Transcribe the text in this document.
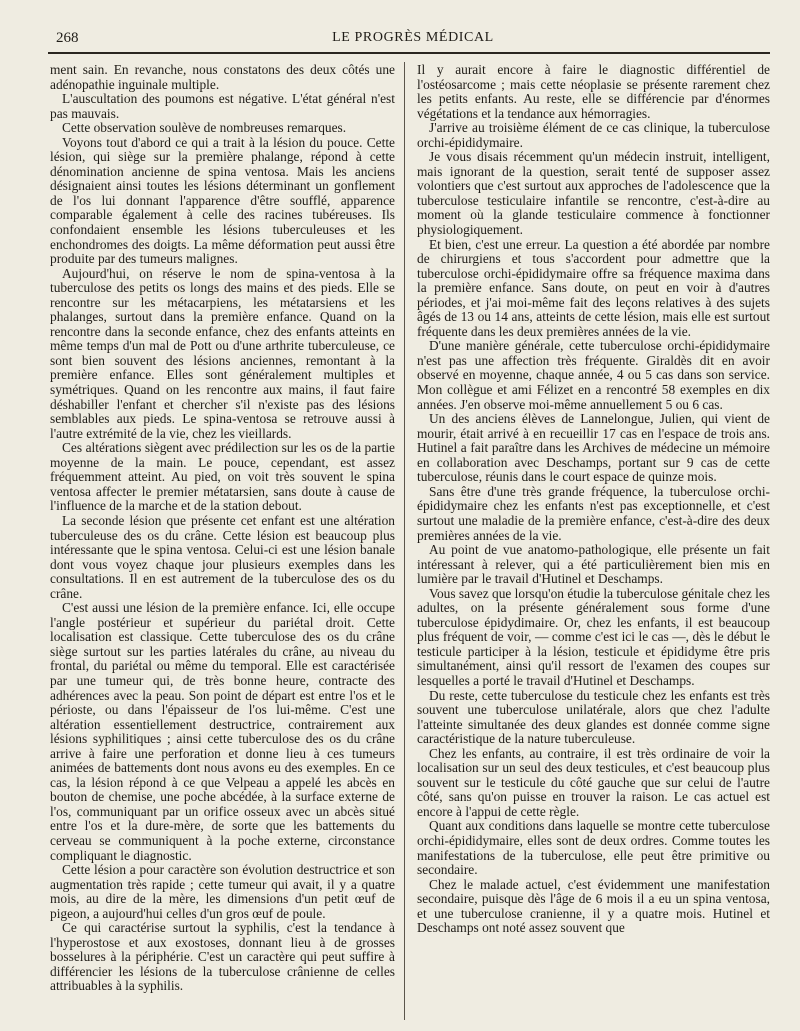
268	LE PROGRÈS MÉDICAL

ment sain. En revanche, nous constatons des deux côtés une adénopathie inguinale multiple.

L'auscultation des poumons est négative. L'état général n'est pas mauvais.

Cette observation soulève de nombreuses remarques.

Voyons tout d'abord ce qui a trait à la lésion du pouce. Cette lésion, qui siège sur la première phalange, répond à cette dénomination ancienne de spina ventosa. Mais les anciens désignaient ainsi toutes les lésions déterminant un gonflement de l'os lui donnant l'apparence d'être soufflé, apparence comparable également à celle des racines tubéreuses. Ils confondaient ensemble les lésions tuberculeuses et les enchondromes des doigts. La même déformation peut aussi être produite par des tumeurs malignes.

Aujourd'hui, on réserve le nom de spina-ventosa à la tuberculose des petits os longs des mains et des pieds. Elle se rencontre sur les métacarpiens, les métatarsiens et les phalanges, surtout dans la première enfance. Quand on la rencontre dans la seconde enfance, chez des enfants atteints en même temps d'un mal de Pott ou d'une arthrite tuberculeuse, ce sont bien souvent des lésions anciennes, remontant à la première enfance. Elles sont généralement multiples et symétriques. Quand on les rencontre aux mains, il faut faire déshabiller l'enfant et chercher s'il n'existe pas des lésions semblables aux pieds. Le spina-ventosa se retrouve aussi à l'autre extrémité de la vie, chez les vieillards.

Ces altérations siègent avec prédilection sur les os de la partie moyenne de la main. Le pouce, cependant, est assez fréquemment atteint. Au pied, on voit très souvent le spina ventosa affecter le premier métatarsien, sans doute à cause de l'influence de la marche et de la station debout.

La seconde lésion que présente cet enfant est une altération tuberculeuse des os du crâne. Cette lésion est beaucoup plus intéressante que le spina ventosa. Celui-ci est une lésion banale dont vous voyez chaque jour plusieurs exemples dans les consultations. Il en est autrement de la tuberculose des os du crâne.

C'est aussi une lésion de la première enfance. Ici, elle occupe l'angle postérieur et supérieur du pariétal droit. Cette localisation est classique. Cette tuberculose des os du crâne siège surtout sur les parties latérales du crâne, au niveau du frontal, du pariétal ou même du temporal. Elle est caractérisée par une tumeur qui, de très bonne heure, contracte des adhérences avec la peau. Son point de départ est entre l'os et le périoste, ou dans l'épaisseur de l'os lui-même. C'est une altération essentiellement destructrice, contrairement aux lésions syphilitiques ; ainsi cette tuberculose des os du crâne arrive à faire une perforation et donne lieu à ces tumeurs animées de battements dont nous avons eu des exemples. En ce cas, la lésion répond à ce que Velpeau a appelé les abcès en bouton de chemise, une poche abcédée, à la surface externe de l'os, communiquant par un orifice osseux avec un abcès situé entre l'os et la dure-mère, de sorte que les battements du cerveau se communiquent à la poche externe, circonstance compliquant le diagnostic.

Cette lésion a pour caractère son évolution destructrice et son augmentation très rapide ; cette tumeur qui avait, il y a quatre mois, au dire de la mère, les dimensions d'un petit œuf de pigeon, a aujourd'hui celles d'un gros œuf de poule.

Ce qui caractérise surtout la syphilis, c'est la tendance à l'hyperostose et aux exostoses, donnant lieu à de grosses bosselures à la périphérie. C'est un caractère qui peut suffire à différencier les lésions de la tuberculose crânienne de celles attribuables à la syphilis.

Il y aurait encore à faire le diagnostic différentiel de l'ostéosarcome ; mais cette néoplasie se présente rarement chez les petits enfants. Au reste, elle se différencie par d'énormes végétations et la tendance aux hémorragies.

J'arrive au troisième élément de ce cas clinique, la tuberculose orchi-épididymaire.

Je vous disais récemment qu'un médecin instruit, intelligent, mais ignorant de la question, serait tenté de supposer assez volontiers que c'est surtout aux approches de l'adolescence que la tuberculose testiculaire infantile se rencontre, c'est-à-dire au moment où la glande testiculaire commence à fonctionner physiologiquement.

Et bien, c'est une erreur. La question a été abordée par nombre de chirurgiens et tous s'accordent pour admettre que la tuberculose orchi-épididymaire offre sa fréquence maxima dans la première enfance. Sans doute, on peut en voir à d'autres périodes, et j'ai moi-même fait des leçons relatives à des sujets âgés de 13 ou 14 ans, atteints de cette lésion, mais elle est surtout fréquente dans les deux premières années de la vie.

D'une manière générale, cette tuberculose orchi-épididymaire n'est pas une affection très fréquente. Giraldès dit en avoir observé en moyenne, chaque année, 4 ou 5 cas dans son service. Mon collègue et ami Félizet en a rencontré 58 exemples en dix années. J'en observe moi-même annuellement 5 ou 6 cas.

Un des anciens élèves de Lannelongue, Julien, qui vient de mourir, était arrivé à en recueillir 17 cas en l'espace de trois ans. Hutinel a fait paraître dans les Archives de médecine un mémoire en collaboration avec Deschamps, portant sur 9 cas de cette tuberculose, réunis dans le court espace de quinze mois.

Sans être d'une très grande fréquence, la tuberculose orchi-épididymaire chez les enfants n'est pas exceptionnelle, et c'est surtout une maladie de la première enfance, c'est-à-dire des deux premières années de la vie.

Au point de vue anatomo-pathologique, elle présente un fait intéressant à relever, qui a été particulièrement bien mis en lumière par le travail d'Hutinel et Deschamps.

Vous savez que lorsqu'on étudie la tuberculose génitale chez les adultes, on la présente généralement sous forme d'une tuberculose épidydimaire. Or, chez les enfants, il est beaucoup plus fréquent de voir, — comme c'est ici le cas —, dès le début le testicule participer à la lésion, testicule et épididyme être pris simultanément, ainsi qu'il ressort de l'examen des coupes sur lesquelles a porté le travail d'Hutinel et Deschamps.

Du reste, cette tuberculose du testicule chez les enfants est très souvent une tuberculose unilatérale, alors que chez l'adulte l'atteinte simultanée des deux glandes est donnée comme signe caractéristique de la nature tuberculeuse.

Chez les enfants, au contraire, il est très ordinaire de voir la localisation sur un seul des deux testicules, et c'est beaucoup plus souvent sur le testicule du côté gauche que sur celui de l'autre côté, sans qu'on puisse en trouver la raison. Le cas actuel est encore à l'appui de cette règle.

Quant aux conditions dans laquelle se montre cette tuberculose orchi-épididymaire, elles sont de deux ordres. Comme toutes les manifestations de la tuberculose, elle peut être primitive ou secondaire.

Chez le malade actuel, c'est évidemment une manifestation secondaire, puisque dès l'âge de 6 mois il a eu un spina ventosa, et une tuberculose cranienne, il y a quatre mois. Hutinel et Deschamps ont noté assez souvent que
